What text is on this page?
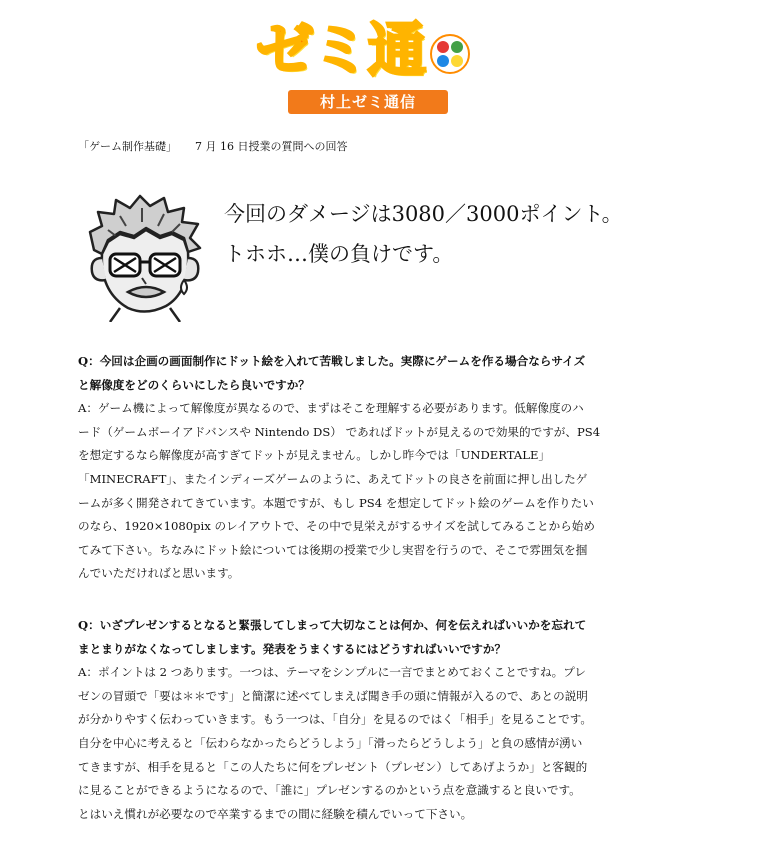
ゼミ通
村上ゼミ通信
「ゲーム制作基礎」 7 月 16 日授業の質問への回答
今回のダメージは3080／3000ポイント。
トホホ…僕の負けです。

Q：今回は企画の画面制作にドット絵を入れて苦戦しました。実際にゲームを作る場合ならサイズ

と解像度をどのくらいにしたら良いですか？

A：ゲーム機によって解像度が異なるので、まずはそこを理解する必要があります。低解像度のハ

ード（ゲームボーイアドバンスや Nintendo DS） であればドットが見えるので効果的ですが、PS4

を想定するなら解像度が高すぎてドットが見えません。しかし昨今では「UNDERTALE」

「MINECRAFT」、またインディーズゲームのように、あえてドットの良さを前面に押し出したゲ

ームが多く開発されてきています。本題ですが、もし PS4 を想定してドット絵のゲームを作りたい

のなら、1920×1080pix のレイアウトで、その中で見栄えがするサイズを試してみることから始め

てみて下さい。ちなみにドット絵については後期の授業で少し実習を行うので、そこで雰囲気を掴

んでいただければと思います。

Q：いざプレゼンするとなると緊張してしまって大切なことは何か、何を伝えればいいかを忘れて

まとまりがなくなってしまします。発表をうまくするにはどうすればいいですか？

A：ポイントは 2 つあります。一つは、テーマをシンプルに一言でまとめておくことですね。プレ

ゼンの冒頭で「要は＊＊です」と簡潔に述べてしまえば聞き手の頭に情報が入るので、あとの説明

が分かりやすく伝わっていきます。もう一つは、「自分」を見るのではく「相手」を見ることです。

自分を中心に考えると「伝わらなかったらどうしよう」「滑ったらどうしよう」と負の感情が湧い

てきますが、相手を見ると「この人たちに何をプレゼント（プレゼン）してあげようか」と客観的

に見ることができるようになるので、「誰に」プレゼンするのかという点を意識すると良いです。

とはいえ慣れが必要なので卒業するまでの間に経験を積んでいって下さい。
